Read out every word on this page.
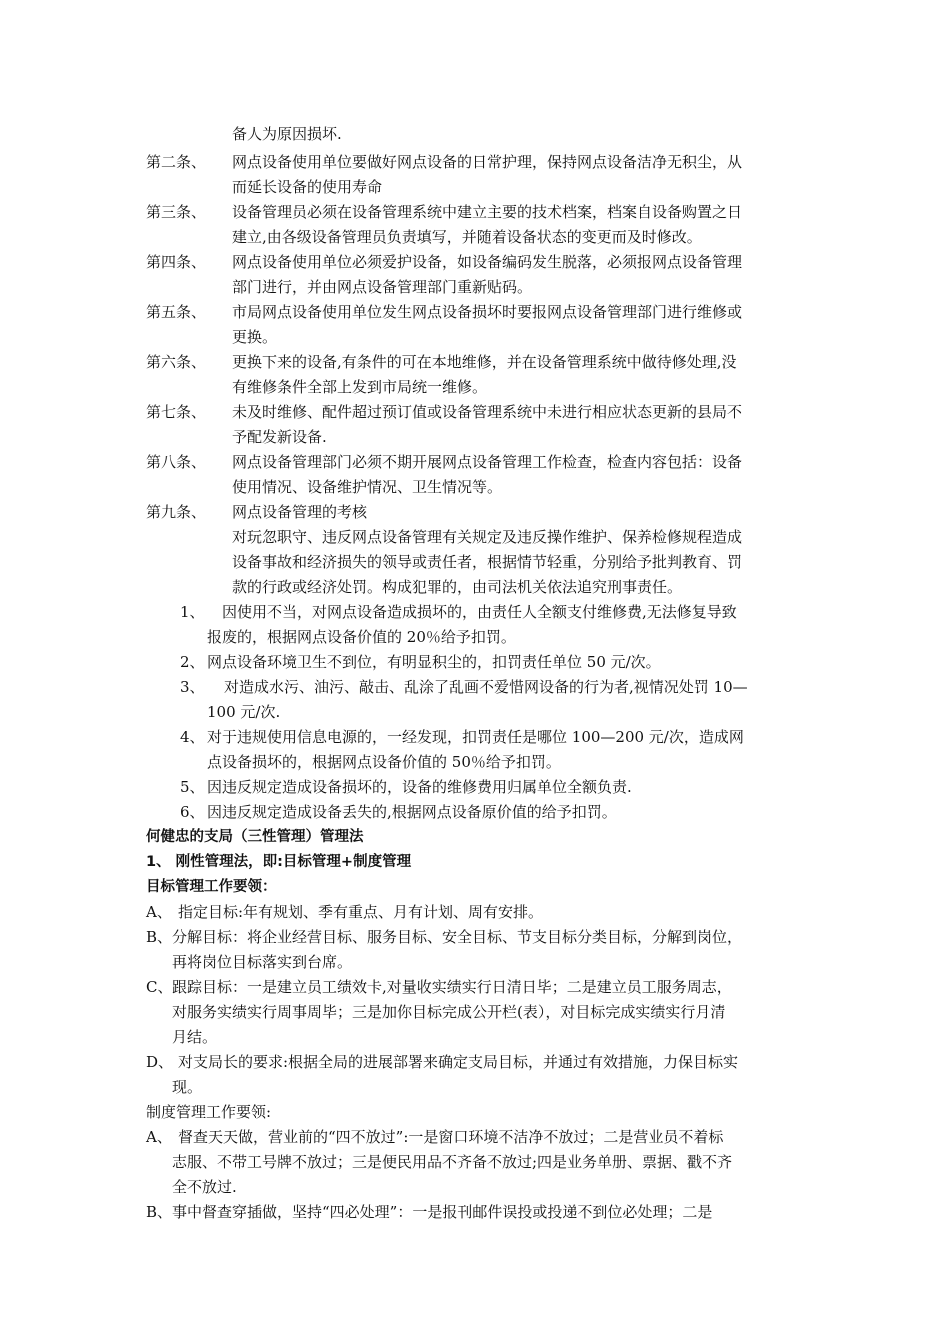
备人为原因损坏.
第二条、 网点设备使用单位要做好网点设备的日常护理，保持网点设备洁净无积尘，从
而延长设备的使用寿命
第三条、 设备管理员必须在设备管理系统中建立主要的技术档案，档案自设备购置之日
建立,由各级设备管理员负责填写，并随着设备状态的变更而及时修改。
第四条、 网点设备使用单位必须爱护设备，如设备编码发生脱落，必须报网点设备管理
部门进行，并由网点设备管理部门重新贴码。
第五条、 市局网点设备使用单位发生网点设备损坏时要报网点设备管理部门进行维修或
更换。
第六条、 更换下来的设备,有条件的可在本地维修，并在设备管理系统中做待修处理,没
有维修条件全部上发到市局统一维修。
第七条、 未及时维修、配件超过预订值或设备管理系统中未进行相应状态更新的县局不
予配发新设备.
第八条、 网点设备管理部门必须不期开展网点设备管理工作检查，检查内容包括：设备
使用情况、设备维护情况、卫生情况等。
第九条、 网点设备管理的考核
对玩忽职守、违反网点设备管理有关规定及违反操作维护、保养检修规程造成
设备事故和经济损失的领导或责任者，根据情节轻重，分别给予批判教育、罚
款的行政或经济处罚。构成犯罪的，由司法机关依法追究刑事责任。
1、 因使用不当，对网点设备造成损坏的，由责任人全额支付维修费,无法修复导致
报废的，根据网点设备价值的 20％给予扣罚。
2、 网点设备环境卫生不到位，有明显积尘的，扣罚责任单位 50 元/次。
3、 对造成水污、油污、敲击、乱涂了乱画不爱惜网设备的行为者,视情况处罚 10—
100 元/次.
4、 对于违规使用信息电源的，一经发现，扣罚责任是哪位 100—200 元/次，造成网
点设备损坏的，根据网点设备价值的 50％给予扣罚。
5、 因违反规定造成设备损坏的，设备的维修费用归属单位全额负责.
6、 因违反规定造成设备丢失的,根据网点设备原价值的给予扣罚。
何健忠的支局（三性管理）管理法
1、 刚性管理法，即:目标管理+制度管理
目标管理工作要领：
A、 指定目标:年有规划、季有重点、月有计划、周有安排。
B、 分解目标：将企业经营目标、服务目标、安全目标、节支目标分类目标，分解到岗位，
再将岗位目标落实到台席。
C、 跟踪目标：一是建立员工绩效卡,对量收实绩实行日清日毕；二是建立员工服务周志，
对服务实绩实行周事周毕；三是加你目标完成公开栏(表），对目标完成实绩实行月清
月结。
D、 对支局长的要求:根据全局的进展部署来确定支局目标，并通过有效措施，力保目标实
现。
制度管理工作要领:
A、 督查天天做，营业前的“四不放过”:一是窗口环境不洁净不放过；二是营业员不着标
志服、不带工号牌不放过；三是便民用品不齐备不放过;四是业务单册、票据、戳不齐
全不放过.
B、 事中督查穿插做，坚持“四必处理”：一是报刊邮件误投或投递不到位必处理；二是
